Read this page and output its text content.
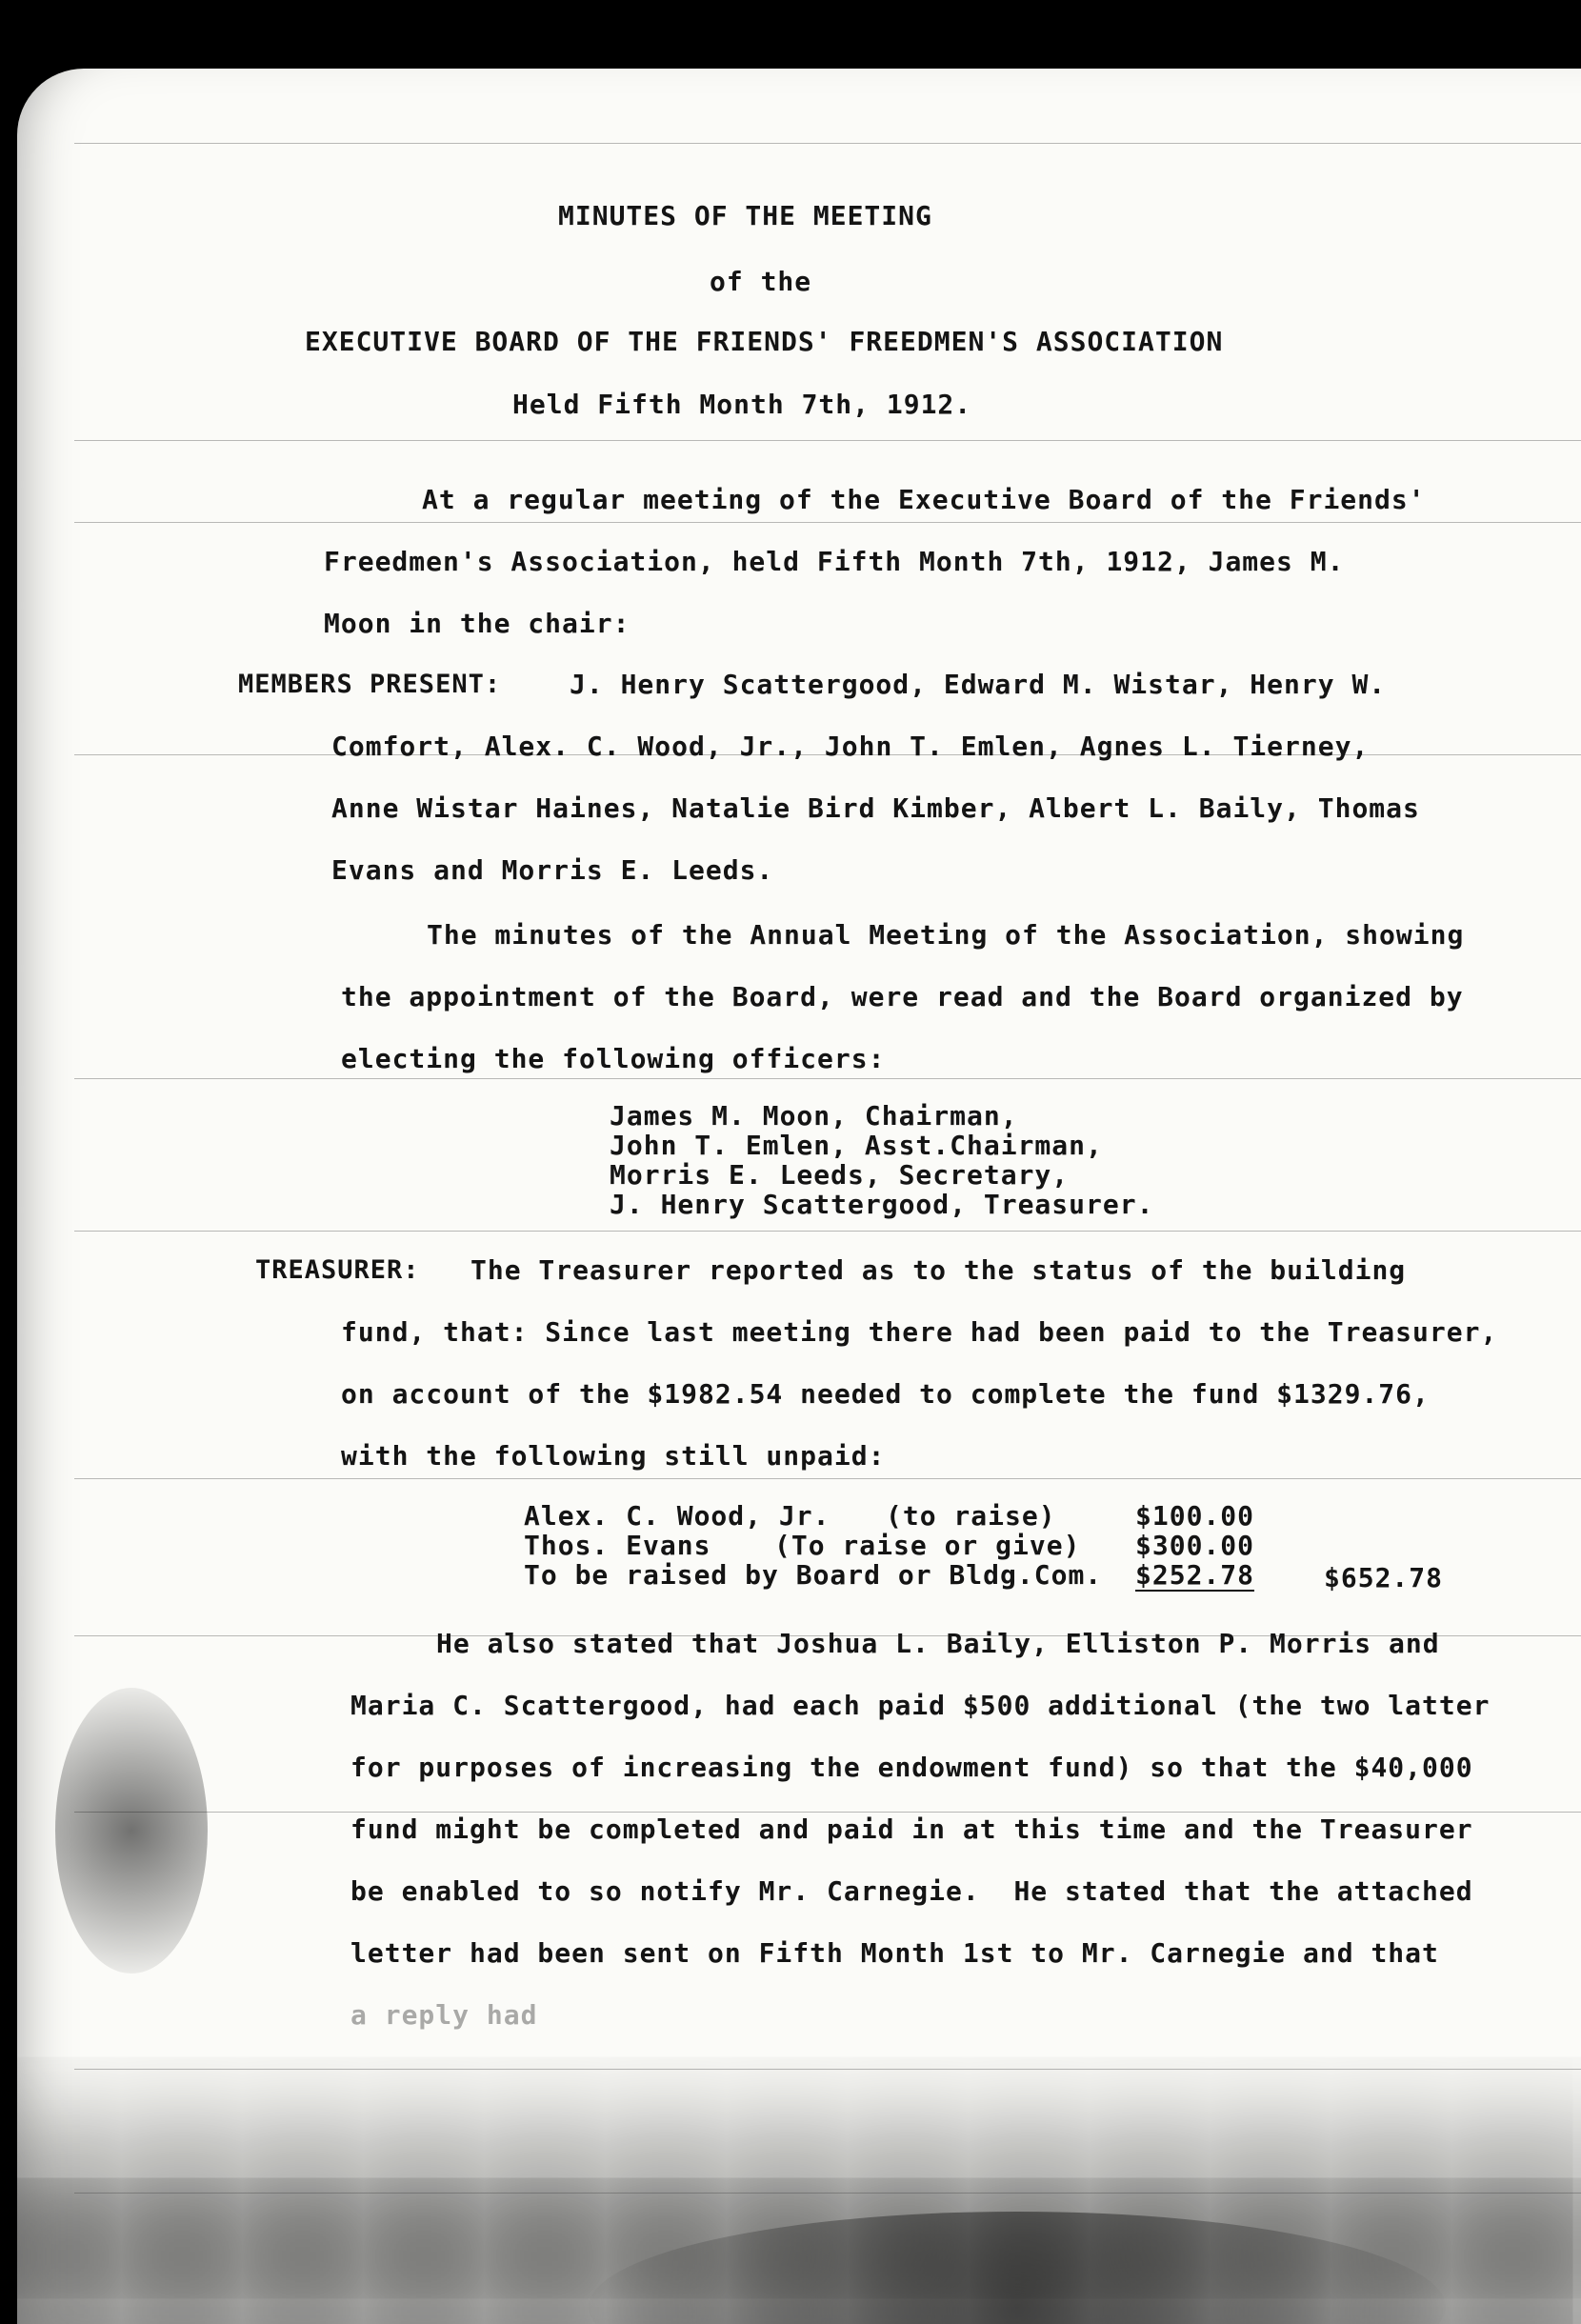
MINUTES OF THE MEETING
of the
EXECUTIVE BOARD OF THE FRIENDS' FREEDMEN'S ASSOCIATION
Held Fifth Month 7th, 1912.
At a regular meeting of the Executive Board of the Friends'
Freedmen's Association, held Fifth Month 7th, 1912, James M.
Moon in the chair:
MEMBERS PRESENT:	J. Henry Scattergood, Edward M. Wistar, Henry W.
Comfort, Alex. C. Wood, Jr., John T. Emlen, Agnes L. Tierney,
Anne Wistar Haines, Natalie Bird Kimber, Albert L. Baily, Thomas
Evans and Morris E. Leeds.
The minutes of the Annual Meeting of the Association, showing
the appointment of the Board, were read and the Board organized by
electing the following officers:
James M. Moon, Chairman,
John T. Emlen, Asst.Chairman,
Morris E. Leeds, Secretary,
J. Henry Scattergood, Treasurer.
TREASURER: The Treasurer reported as to the status of the building
fund, that: Since last meeting there had been paid to the Treasurer,
on account of the $1982.54 needed to complete the fund $1329.76,
with the following still unpaid:
Alex. C. Wood, Jr. (to raise)	$100.00
Thos. Evans (To raise or give) $300.00
To be raised by Board or Bldg.Com. $252.78	$652.78
He also stated that Joshua L. Baily, Elliston P. Morris and
Maria C. Scattergood, had each paid $500 additional (the two latter
for purposes of increasing the endowment fund) so that the $40,000
fund might be completed and paid in at this time and the Treasurer
be enabled to so notify Mr. Carnegie.  He stated that the attached
letter had been sent on Fifth Month 1st to Mr. Carnegie and that
a reply had
